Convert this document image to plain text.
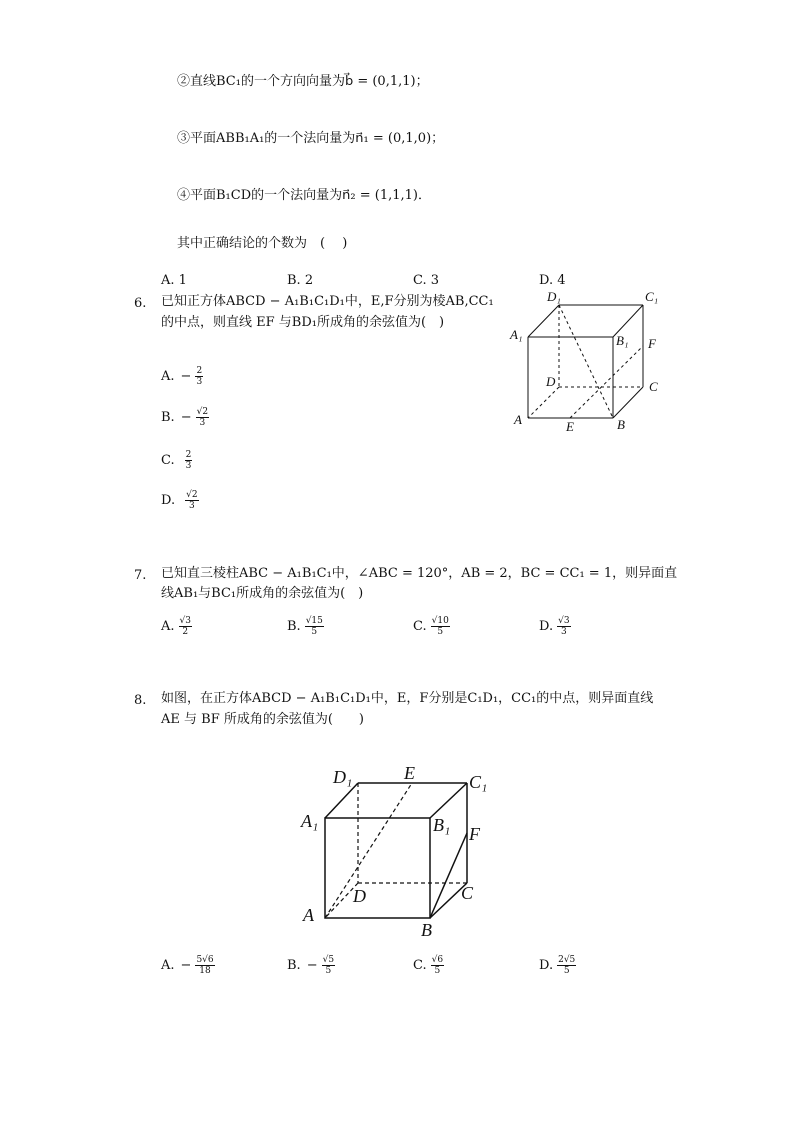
②直线BC₁的一个方向向量为b⃗ = (0,1,1)；
③平面ABB₁A₁的一个法向量为n⃗₁ = (0,1,0)；
④平面B₁CD的一个法向量为n⃗₂ = (1,1,1)．
其中正确结论的个数为　(　 )
A. 1	B. 2	C. 3	D. 4
6. 已知正方体ABCD − A₁B₁C₁D₁中，E,F分别为棱AB,CC₁
的中点，则直线 EF 与BD₁所成角的余弦值为(　)
A. − $\frac{2}{3}$
B. − $\frac{√2}{3}$
C. $\frac{2}{3}$
D. $\frac{√2}{3}$
D₁	C₁
A₁	B₁ F
D	C
A	E	B
7. 已知直三棱柱ABC − A₁B₁C₁中，∠ABC = 120°，AB = 2，BC = CC₁ = 1，则异面直
线AB₁与BC₁所成角的余弦值为(　)
A. $\frac{√3}{2}$	B. $\frac{√15}{5}$	C. $\frac{√10}{5}$	D. $\frac{√3}{3}$
8. 如图，在正方体ABCD − A₁B₁C₁D₁中，E，F分别是C₁D₁，CC₁的中点，则异面直线
AE 与 BF 所成角的余弦值为(　　)
D₁	E	C₁
A₁	B₁ F
D	C
A
B
A. − $\frac{5√6}{18}$	B. − $\frac{√5}{5}$	C. $\frac{√6}{5}$	D. $\frac{2√5}{5}$
